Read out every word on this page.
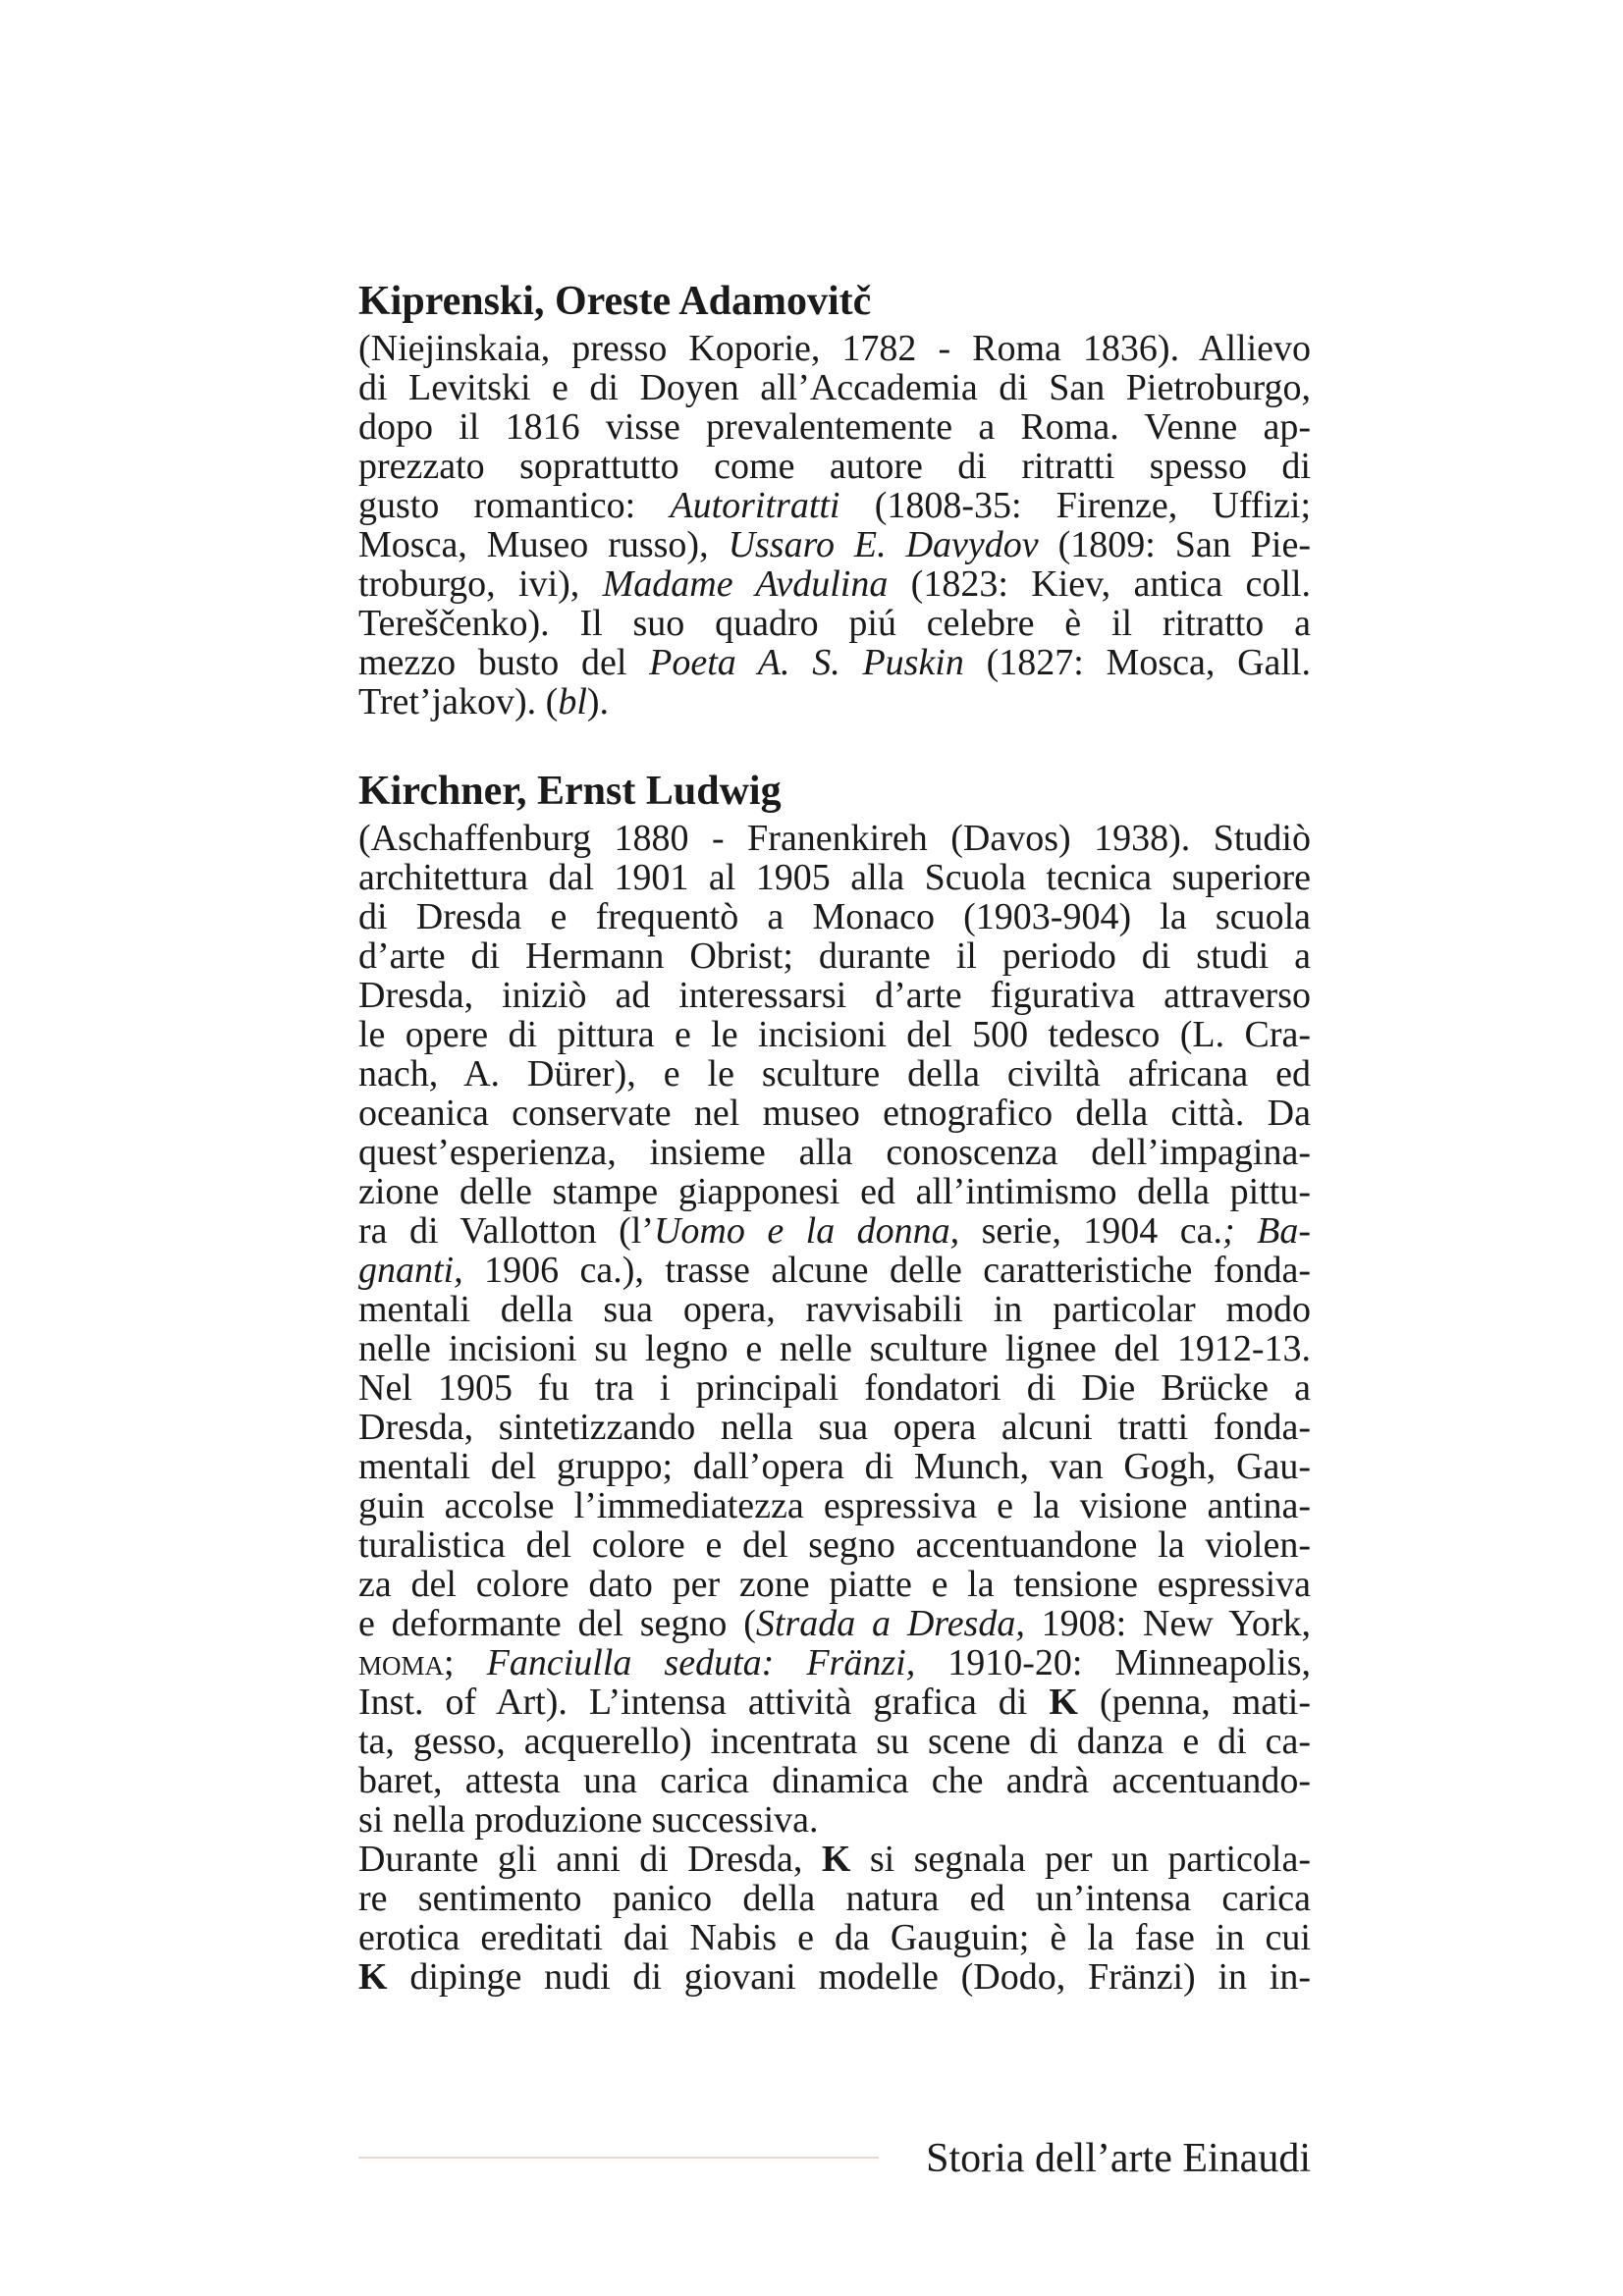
Kiprenski, Oreste Adamovitč
(Niejinskaia, presso Koporie, 1782 - Roma 1836). Allievo
di Levitski e di Doyen all’Accademia di San Pietroburgo,
dopo il 1816 visse prevalentemente a Roma. Venne ap-
prezzato soprattutto come autore di ritratti spesso di
gusto romantico: Autoritratti (1808-35: Firenze, Uffizi;
Mosca, Museo russo), Ussaro E. Davydov (1809: San Pie-
troburgo, ivi), Madame Avdulina (1823: Kiev, antica coll.
Tereščenko). Il suo quadro piú celebre è il ritratto a
mezzo busto del Poeta A. S. Puskin (1827: Mosca, Gall.
Tret’jakov). (bl).
Kirchner, Ernst Ludwig
(Aschaffenburg 1880 - Franenkireh (Davos) 1938). Studiò
architettura dal 1901 al 1905 alla Scuola tecnica superiore
di Dresda e frequentò a Monaco (1903-904) la scuola
d’arte di Hermann Obrist; durante il periodo di studi a
Dresda, iniziò ad interessarsi d’arte figurativa attraverso
le opere di pittura e le incisioni del 500 tedesco (L. Cra-
nach, A. Dürer), e le sculture della civiltà africana ed
oceanica conservate nel museo etnografico della città. Da
quest’esperienza, insieme alla conoscenza dell’impagina-
zione delle stampe giapponesi ed all’intimismo della pittu-
ra di Vallotton (l’Uomo e la donna, serie, 1904 ca.; Ba-
gnanti, 1906 ca.), trasse alcune delle caratteristiche fonda-
mentali della sua opera, ravvisabili in particolar modo
nelle incisioni su legno e nelle sculture lignee del 1912-13.
Nel 1905 fu tra i principali fondatori di Die Brücke a
Dresda, sintetizzando nella sua opera alcuni tratti fonda-
mentali del gruppo; dall’opera di Munch, van Gogh, Gau-
guin accolse l’immediatezza espressiva e la visione antina-
turalistica del colore e del segno accentuandone la violen-
za del colore dato per zone piatte e la tensione espressiva
e deformante del segno (Strada a Dresda, 1908: New York,
moma; Fanciulla seduta: Fränzi, 1910-20: Minneapolis,
Inst. of Art). L’intensa attività grafica di K (penna, mati-
ta, gesso, acquerello) incentrata su scene di danza e di ca-
baret, attesta una carica dinamica che andrà accentuando-
si nella produzione successiva.
Durante gli anni di Dresda, K si segnala per un particola-
re sentimento panico della natura ed un’intensa carica
erotica ereditati dai Nabis e da Gauguin; è la fase in cui
K dipinge nudi di giovani modelle (Dodo, Fränzi) in in-
Storia dell’arte Einaudi
